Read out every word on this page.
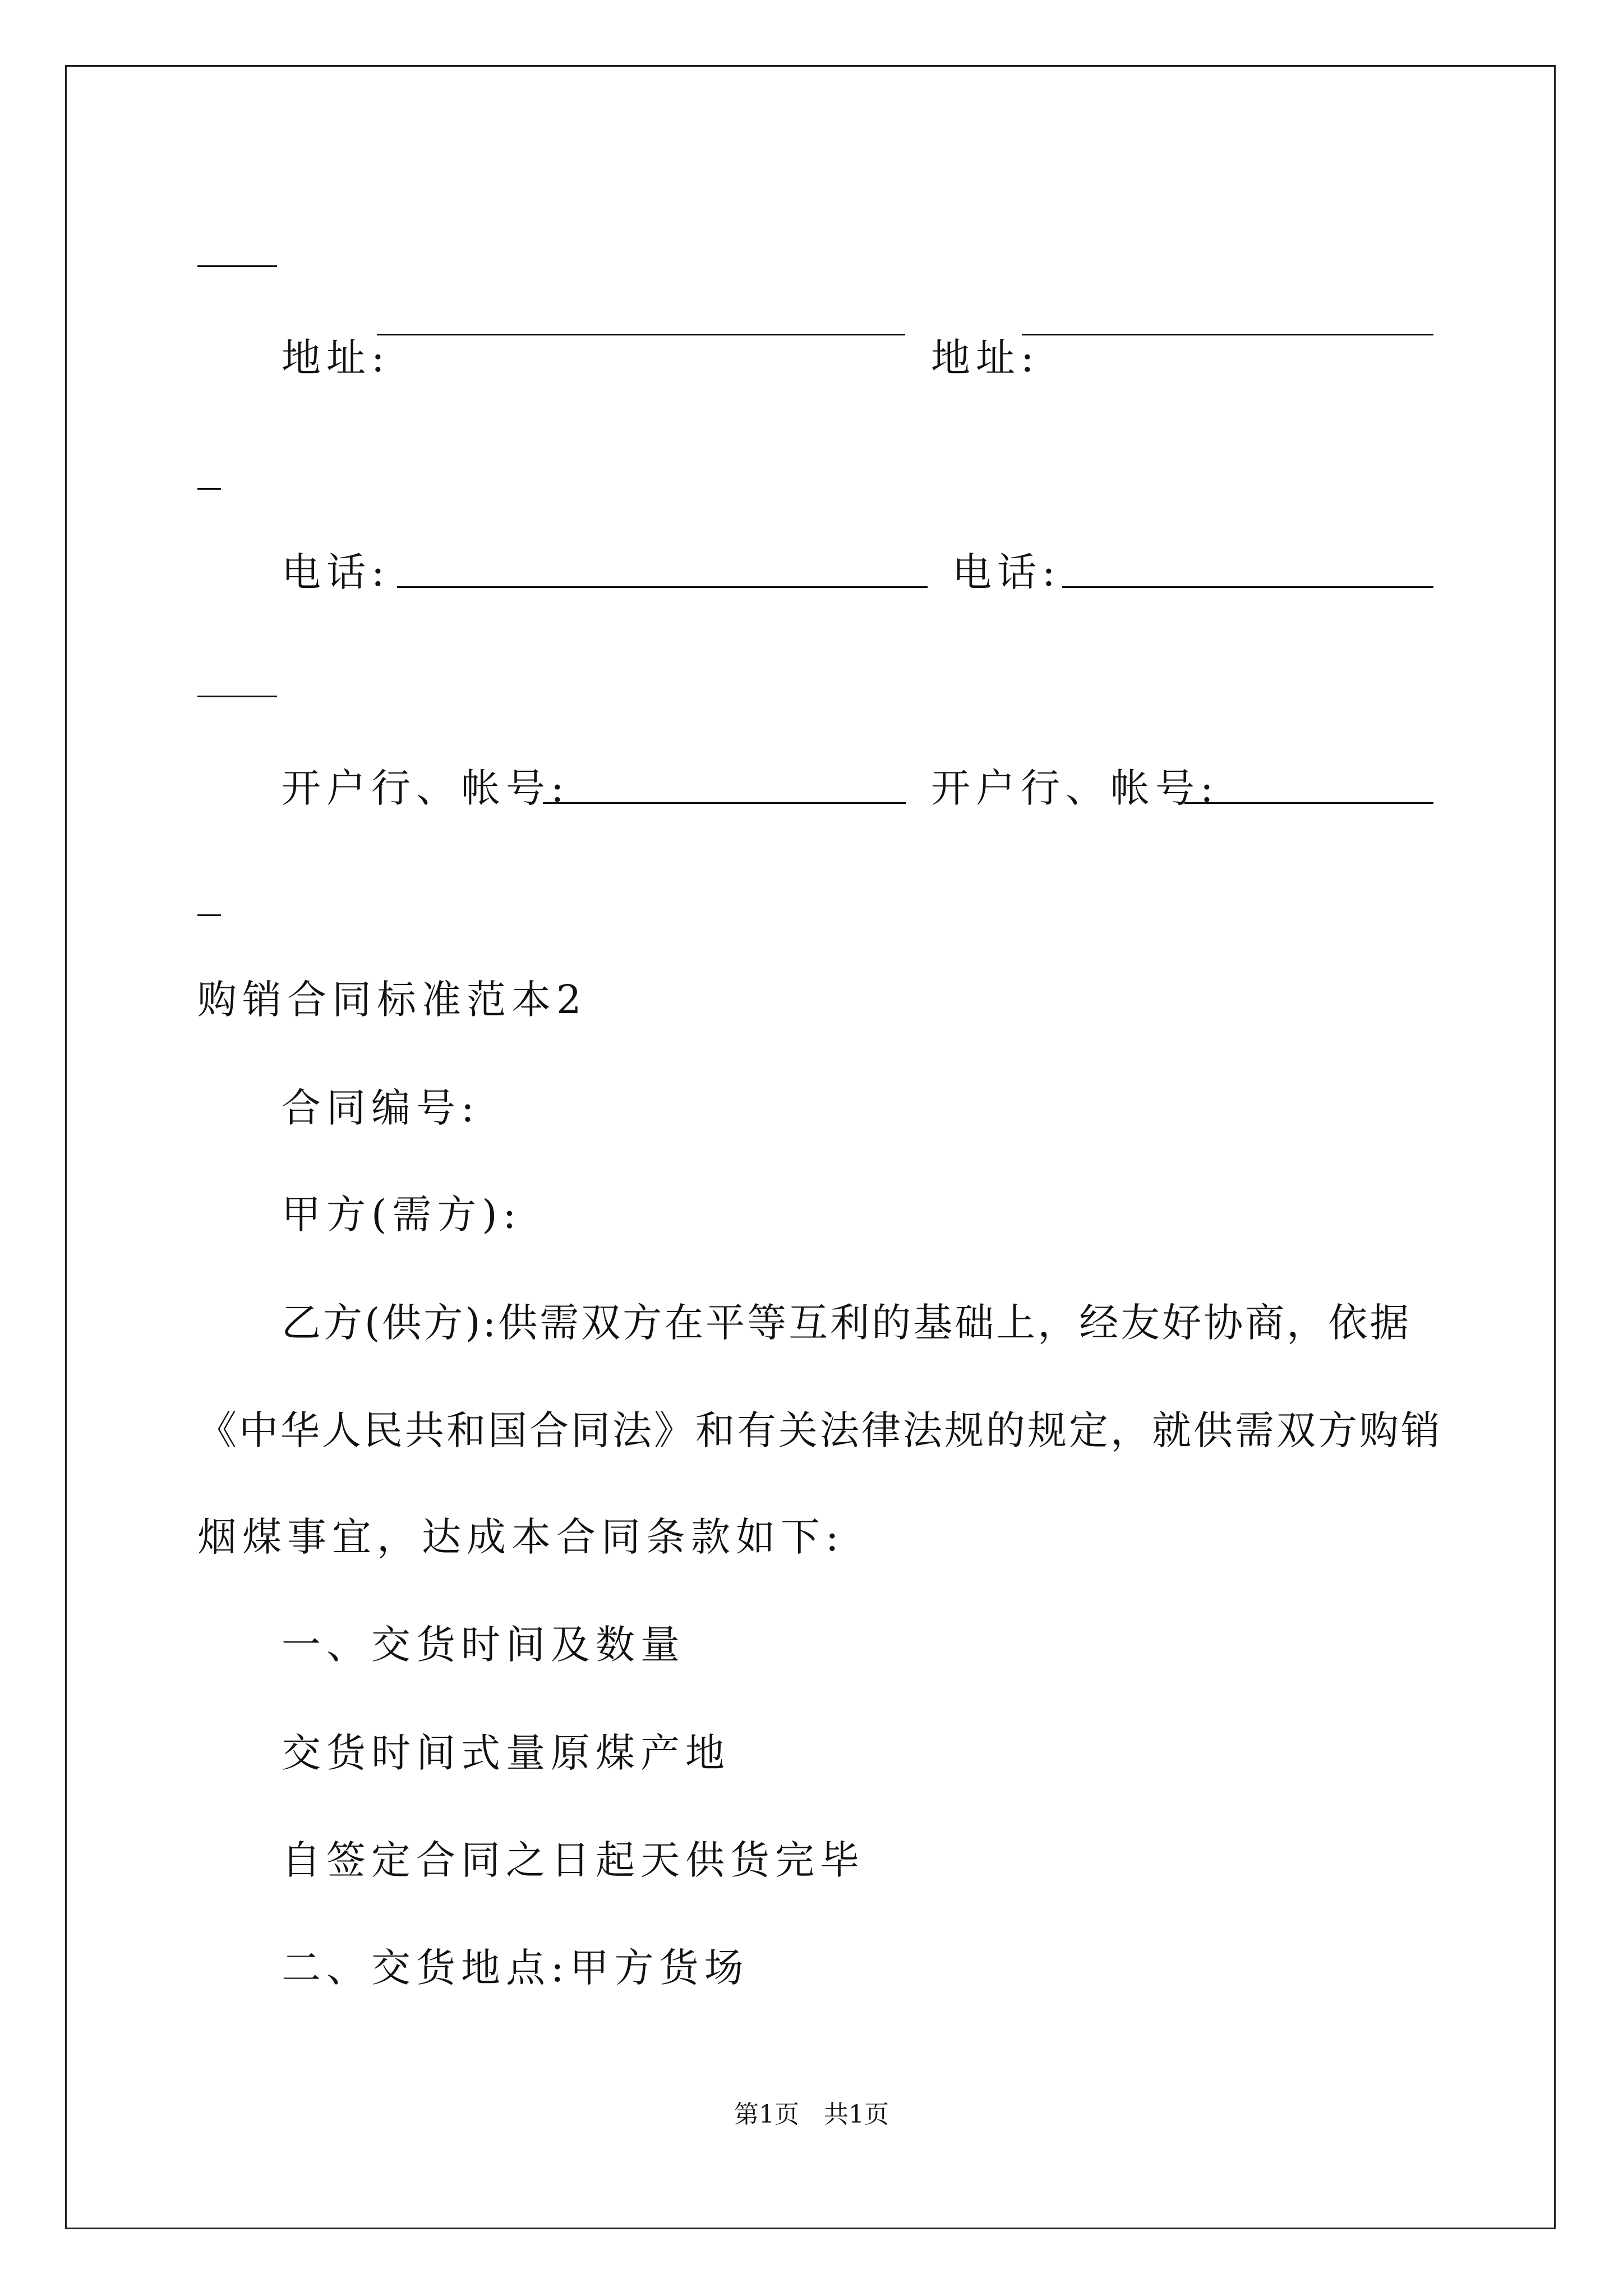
地址:	地址:
电话:	电话:
开户行、帐号:	开户行、帐号:
购销合同标准范本2
合同编号:
甲方(需方):
乙方(供方):供需双方在平等互利的基础上，经友好协商，依据
《中华人民共和国合同法》和有关法律法规的规定，就供需双方购销
烟煤事宜，达成本合同条款如下:
一、交货时间及数量
交货时间式量原煤产地
自签定合同之日起天供货完毕
二、交货地点:甲方货场
第1页　共1页
